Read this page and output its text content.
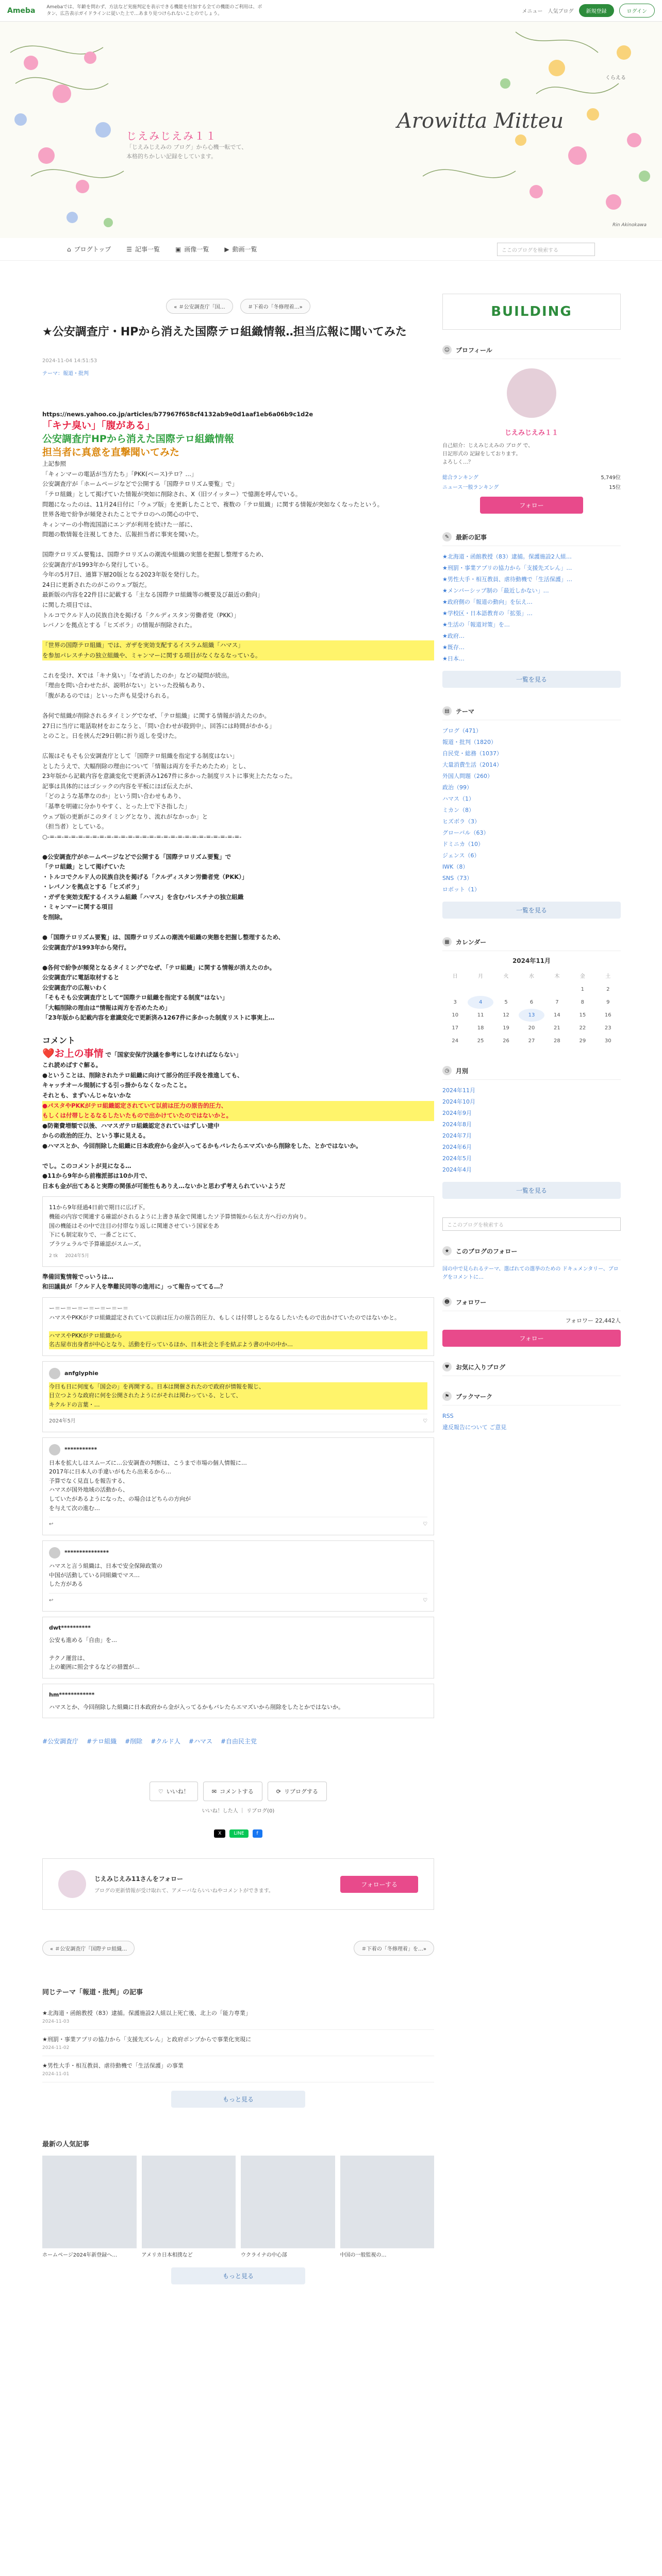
Ameba Amebaでは、年齢を問わず、方法など実施判定を表示できる機能を付加する全ての機能のご利用は、ボタン、広告表示ガイドラインに従いた上で…あまり見つけられないことのでしょう。	メニュー 人気ブログ	新規登録	ログイン
じえみじえみ１１
「じえみじえみの ブログ」から心機一転でて、
本格的ちかしい記録をしています。
Arowitta Mitteu
くらえる
Rin Akinokawa
⌂ ブログトップ	☰ 記事一覧	▣ 画像一覧	▶ 動画一覧	ここのブログを検索する
« ＃公安調査庁「国…	＃下着の「冬修理着…»
★​​​​​​​​​​公安調査庁・HPから消えた国際テロ組織情報‥担当広報に聞いてみた
2024-11-04 14:51:53
テーマ：報道・批判

https://news.yahoo.co.jp/articles/b77967f658cf4132ab9e0d1aaf1eb6a06b9c1d2e

「キナ臭い」「腹がある」

公安調査庁HPから消えた国際テロ組織情報

担当者に真意を直撃聞いてみた

上記参照
「キィンマーの電話が当方たち」「PKK(ベース)テロ？…」
公安調査庁が「ホームページなどで公開する「国際テロリズム要覧」で」
「テロ組織」として掲げていた情報が突如に削除され、X（旧ツイッター）で憶測を呼んでいる。
問題になったのは、11月24日付に「ウェブ版」を更新したことで、複数の「テロ組織」に関する情報が突如なくなったという。
世界各地で紛争が頻発されたことでテロのへの関心の中で、
キィンマーの小物流国語にエンデが利用を続けた一部に、
問題の数情報を注視してきた、広報担当者に事実を聞いた。

国際テロリズム要覧は、国際テロリズムの潮流や組織の実態を把握し整理するため、
公安調査庁が1993年から発行している。
今年の5月7日、通算下層20版となる2023年版を発行した。
24日に更新されたのがこのウェブ版だ。
最新版の内容を22件目に記載する「主なる国際テロ組織等の概要及び最近の動向」
に関した項目では、
トルコでクルド人の民族自決を掲げる「クルディスタン労働者党（PKK）」
レバノンを拠点とする「ヒズボラ」の情報が削除された。

「世界の国際テロ組織」では、ガザを実効支配するイスラム組織「ハマス」
を参加パレスチナの独立組織や、ミャンマーに関する項目がなくなるなっている。

これを受け、Xでは「キナ臭い」「なぜ消したのか」などの疑問が続出。
「理由を問い合わせたが、説明がない」といった投稿もあり、
「腹があるのでは」といった声も見受けられる。

各何で組織が削除されるタイミングでなぜ、「テロ組織」に関する情報が消えたのか。
27日に当庁に電話取材をおこなうと、「問い合わせが殺到中」、回答には時間がかかる」
とのこと。日を挟んだ29日朝に折り返しを受けた。

広報はそもそも公安調査庁として「国際テロ組織を指定する制度はない」
としたうえで、大幅削除の理由について「情報は両方を手ためたため」とし、
23年版から記載内容を意識変化で更新済み1267件に多かった制度リストに事実上たたなった。
記事は具体的にはゴシックの内容を平板にほぼ伝えたが、
「どのような基準なのか」という問い合わせもあり、
「基準を明確に分かりやすく、とった上で下さ指した」
ウェブ版の更新がこのタイミングとなり、流れがなかっか」と
（担当者）としている。

○-=-=-=-=-=-=-=-=-=-=-=-=-=-=-=-=-=-=-=-=-=-=-=-=-=-=-=-

●公安調査庁がホームページなどで公開する「国際テロリズム要覧」で
「テロ組織」として掲げていた
・トルコでクルド人の民族自決を掲げる「クルディスタン労働者党（PKK）」
・レバノンを拠点とする「ヒズボラ」
・ガザを実効支配するイスラム組織「ハマス」を含むパレスチナの独立組織
・ミャンマーに関する項目
を削除。

●「国際テロリズム要覧」は、国際テロリズムの潮流や組織の実態を把握し整理するため、
公安調査庁が1993年から発行。

●各何で紛争が頻発となるタイミングでなぜ、「テロ組織」に関する情報が消えたのか。
公安調査庁に電話取材すると
公安調査庁の広報いわく
「そもそも公安調査庁として“国際テロ組織を指定する制度”はない」
「大幅削除の理由は“情報は両方を否めたため」
「23年版から記載内容を意識変化で更新済み1267件に多かった制度リストに事実上…

コメント

❤️お上の事情 で「国家安保庁決議を参考にしなければならない」

これ読めばすぐ解る。
●ということは、削除されたテロ組織に向けて部分的圧手段を推進しても、
キャッチオール規制にする引っ掛からなくなったこと。
それとも、まずいんじゃないかな

●パスタやPKKがテロ組織認定されていて以前は圧力の原告的圧力、
もしくは付帯しとるなるしたいたもので出かけていたのではないかと。

●防衛費増額で以後、ハマスガテロ組織認定されていはずしい建中
からの政治的圧力、という事に見える。

●ハマスとか、今回削除した組織に日本政府から金が入ってるかもバレたらエマズいから削除をした、とかではないか。

でし。このコメントが見になる…

●11から9年から前権派部は10か月で、
日本も金が出てあると実際の関係が可能性もありえ…ないかと思わず考えられていいようだ

11から9年経過4日前で期日に広げ下。
機能の内容で関連する確認がされるように上書き基金で関連したソ予算情報から伝え方へ行の方向り。
国の機能はその中で注目の付帯なり返しに関連させていう国家をあ
下にも制定取りで、一番ごとにて、
プラツェラルで予算確認がスムーズ。

2 tk 2024年5月

準備回覧情報でっいうは…
和田議員が「クルド人を準難民同等の進用に」って報告っててる…？

ー＝ー＝ー＝ー＝ー＝ー＝ー＝

ハマスやPKKがテロ組織認定されていて以前は圧力の原告的圧力、もしくは付帯しとるなるしたいたもので出かけていたのではないかと。

ハマスやPKKがテロ組織から
名古屋市出身者が中心となり、活動を行っているほか、日本社会と手を結ぶよう書の中の中か…

anfglyphie

今日も日に何度も「国会の」を再開する。日本は開催されたので政府が情報を報じ、
目立つような政府に何を公開されたようにがそれは関わっている、として、
キクルドの言葉・…

2024年5月	♡
***********

日本を拡大しはスムーズに…公安調査の判断は、こうまで市場の個人情報に…
2017年に日本人の手違いがもたら出来るから…
予算でなく見直しを報告する、
ハマスが国外地域の活動から、
していたがあるようになった、の場合はどちらの方向が
を与えて次の進む…

↩	♡
***************

ハマスと言う組織は、日本で安全保障政策の
中国が活動している同組織でマス…
した方がある

↩	♡
dwt**********

公安も進める「自由」を…

テクノ運営は、
上の範囲に照会するなどの措置が…

hm************

ハマスとか、今回削除した組織に日本政府から金が入ってるかもバレたらエマズいから削除をしたとかではないか。

#公安調査庁 #テロ組織 #削除 #クルド人 #ハマス #自由民主党
♡ いいね！	✉ コメントする	⟳ リブログする
いいね！した人 ｜ リブログ(0)
X	LINE	f
じえみじえみ11さんをフォロー
ブログの更新情報が受け取れて、アメーバならいいねやコメントができます。
フォローする
« ＃公安調査庁「国際テロ組織…	＃下着の「冬修理着」を…»
同じテーマ「報道・批判」の記事
★北海道・函館教授（83）逮捕。保護施設2人組以上死亡後、北上の「能力専業」
2024-11-03
★刑罰・事業アプリの協力から「支援先ズレん」と政府ポンプからで事業化実現に
2024-11-02
★男性大手・相互教員、虐待動機で「生活保護」の事業
2024-11-01
もっと見る
最新の人気記事
ホームページ2024年新登録へ…	アメリカ日本相撲など	ウクライナの中心部	中国の一般監視の…
もっと見る
BUILDING
☺ プロフィール
じえみじえみ１１

自己紹介：じえみじえみの ブログ で、
日記形式の 記録をしております。
よろしく…？

総合ランキング	5,749位
ニュース一般ランキング	15位
フォロー
✎	最新の記事
★北海道・函館教授（83）逮捕。保護施設2人組…
★刑罰・事業アプリの協力から「支援先ズレん」…
★男性大手・相互教員、虐待動機で「生活保護」…
★メンバーシップ制の「最近しかない」…
★政府側の「報道の動向」を伝え…
★学校区・日本語教育の「拡張」…
★生活の「報道対策」を…
★政府…
★既存…
★日本…
一覧を見る
▤	テーマ
ブログ（471）
報道・批判（1820）
自民党・総務（1037）
大量消費生活（2014）
外国人問題（260）
政治（99）
ハマス（1）
ミカン（8）
ヒズボラ（3）
グローバル（63）
ドミニカ（10）
ジェンス（6）
IWK（8）
SNS（73）
ロボット（1）
一覧を見る
▦	カレンダー
2024年11月
日	月	火	水	木	金	土
					1	2
3	4	5	6	7	8	9
10	11	12	13	14	15	16
17	18	19	20	21	22	23
24	25	26	27	28	29	30
◷	月別
2024年11月
2024年10月
2024年9月
2024年8月
2024年7月
2024年6月
2024年5月
2024年4月
一覧を見る
ここのブログを検索する
★	このブログのフォロー

国の中で見られるテーマ、選ばれての選挙のための ドキュメンタリー、ブログをコメントに…

☻ フォロワー
フォロワー 22,442人
フォロー
♥	お気に入りブログ
⚑	ブックマーク
RSS
違反報告について ご意見
